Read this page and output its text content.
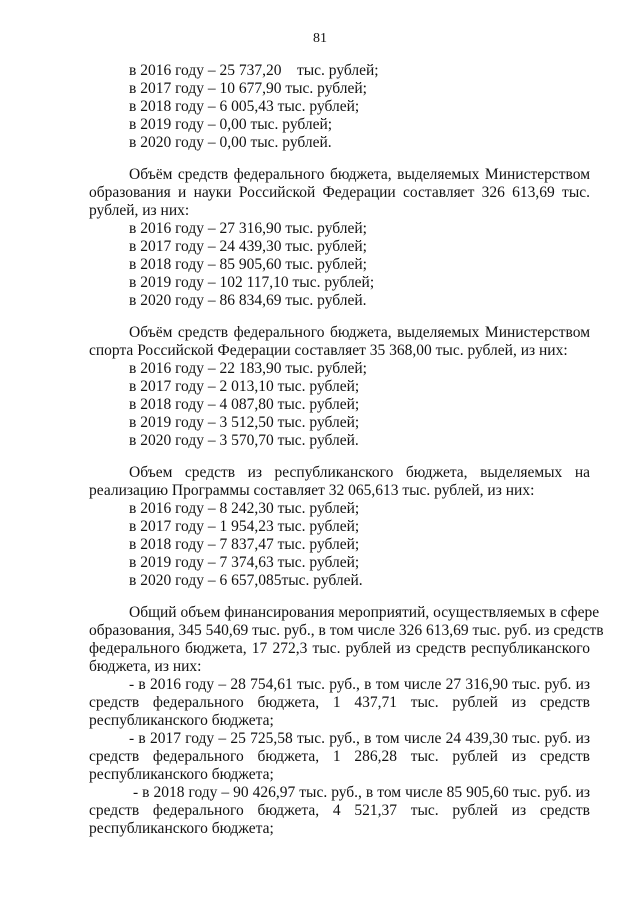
81
в 2016 году – 25 737,20    тыс. рублей;
в 2017 году – 10 677,90 тыс. рублей;
в 2018 году – 6 005,43 тыс. рублей;
в 2019 году – 0,00 тыс. рублей;
в 2020 году – 0,00 тыс. рублей.
Объём средств федерального бюджета, выделяемых Министерством
образования и науки Российской Федерации составляет 326 613,69 тыс.
рублей, из них:
в 2016 году – 27 316,90 тыс. рублей;
в 2017 году – 24 439,30 тыс. рублей;
в 2018 году – 85 905,60 тыс. рублей;
в 2019 году – 102 117,10 тыс. рублей;
в 2020 году – 86 834,69 тыс. рублей.
Объём средств федерального бюджета, выделяемых Министерством
спорта Российской Федерации составляет 35 368,00 тыс. рублей, из них:
в 2016 году – 22 183,90 тыс. рублей;
в 2017 году – 2 013,10 тыс. рублей;
в 2018 году – 4 087,80 тыс. рублей;
в 2019 году – 3 512,50 тыс. рублей;
в 2020 году – 3 570,70 тыс. рублей.
Объем средств из республиканского бюджета, выделяемых на
реализацию Программы составляет 32 065,613 тыс. рублей, из них:
в 2016 году – 8 242,30 тыс. рублей;
в 2017 году – 1 954,23 тыс. рублей;
в 2018 году – 7 837,47 тыс. рублей;
в 2019 году – 7 374,63 тыс. рублей;
в 2020 году – 6 657,085тыс. рублей.
Общий объем финансирования мероприятий, осуществляемых в сфере
образования, 345 540,69 тыс. руб., в том числе 326 613,69 тыс. руб. из средств
федерального бюджета, 17 272,3 тыс. рублей из средств республиканского
бюджета, из них:
- в 2016 году – 28 754,61 тыс. руб., в том числе 27 316,90 тыс. руб. из
средств федерального бюджета, 1 437,71 тыс. рублей из средств
республиканского бюджета;
- в 2017 году – 25 725,58 тыс. руб., в том числе 24 439,30 тыс. руб. из
средств федерального бюджета, 1 286,28 тыс. рублей из средств
республиканского бюджета;
- в 2018 году – 90 426,97 тыс. руб., в том числе 85 905,60 тыс. руб. из
средств федерального бюджета, 4 521,37 тыс. рублей из средств
республиканского бюджета;
